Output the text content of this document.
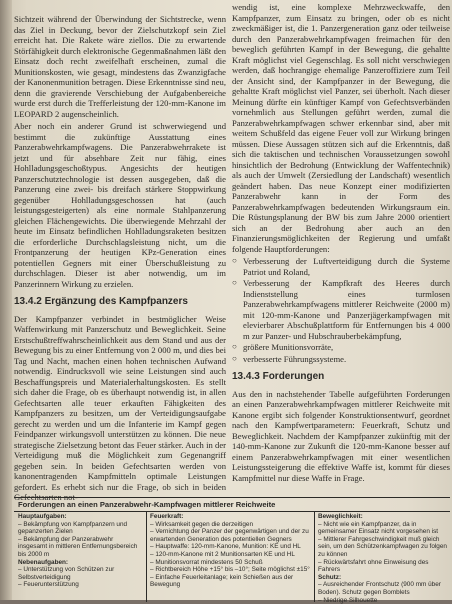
Sichtzeit während der Überwindung der Sichtstrecke, wenn das Ziel in Deckung, bevor der Zielschutzkopf sein Ziel erreicht hat. Die Rakete wäre ziellos. Die zu erwartende Störfähigkeit durch elektronische Gegenmaßnahmen läßt den Einsatz doch recht zweifelhaft erscheinen, zumal die Munitionskosten, wie gesagt, mindestens das Zwanzigfache der Kanonenmunition betragen. Diese Erkenntnisse sind neu, denn die gravierende Verschiebung der Aufgabenbereiche wurde erst durch die Trefferleistung der 120-mm-Kanone im LEOPARD 2 augenscheinlich.

Aber noch ein anderer Grund ist schwerwiegend und bestimmt die zukünftige Ausstattung eines Panzerabwehrkampfwagens. Die Panzerabwehrrakete ist jetzt und für absehbare Zeit nur fähig, eines Hohlladungsgeschoßtypus. Angesichts der heutigen Panzerschutztechnologie ist dessen ausgegeben, daß die Panzerung eine zwei- bis dreifach stärkere Stoppwirkung gegenüber Hohlladungsgeschossen hat (auch leistungsgesteigerten) als eine normale Stahlpanzerung gleichen Flächengewichts. Die überwiegende Mehrzahl der heute im Einsatz befindlichen Hohlladungsraketen besitzen die erforderliche Durchschlagsleistung nicht, um die Frontpanzerung der heutigen KPz-Generation eines potentiellen Gegners mit einer Überschußleistung zu durchschlagen. Dieser ist aber notwendig, um im Panzerinnern Wirkung zu erzielen.

13.4.2 Ergänzung des Kampfpanzers

Der Kampfpanzer verbindet in bestmöglicher Weise Waffenwirkung mit Panzerschutz und Beweglichkeit. Seine Erstschußtreffwahrscheinlichkeit aus dem Stand und aus der Bewegung bis zu einer Entfernung von 2 000 m, und dies bei Tag und Nacht, machen einen hohen technischen Aufwand notwendig. Eindrucksvoll wie seine Leistungen sind auch Beschaffungspreis und Materialerhaltungskosten. Es stellt sich daher die Frage, ob es überhaupt notwendig ist, in allen Gefechtsarten alle teuer erkauften Fähigkeiten des Kampfpanzers zu besitzen, um der Verteidigungsaufgabe gerecht zu werden und um die Infanterie im Kampf gegen Feindpanzer wirkungsvoll unterstützen zu können. Die neue strategische Zielsetzung betont das Feuer stärker. Auch in der Verteidigung muß die Möglichkeit zum Gegenangriff gegeben sein. In beiden Gefechtsarten werden von kanonentragenden Kampfmitteln optimale Leistungen gefordert. Es erhebt sich nur die Frage, ob sich in beiden Gefechtsarten not-

wendig ist, eine komplexe Mehrzweckwaffe, den Kampfpanzer, zum Einsatz zu bringen, oder ob es nicht zweckmäßiger ist, die 1. Panzergeneration ganz oder teilweise durch den Panzerabwehrkampfwagen freimachen für den beweglich geführten Kampf in der Bewegung, die gehaltte Kraft möglichst viel Gegenschlag. Es soll nicht verschwiegen werden, daß hochrangige ehemalige Panzeroffiziere zum Teil der Ansicht sind, der Kampfpanzer in der Bewegung, die gehaltte Kraft möglichst viel Panzer, sei überholt. Nach dieser Meinung dürfte ein künftiger Kampf von Gefechtsverbänden vornehmlich aus Stellungen geführt werden, zumal die Panzerabwehrkampfwagen schwer erkennbar sind, aber mit weitem Schußfeld das eigene Feuer voll zur Wirkung bringen müssen. Diese Aussagen stützen sich auf die Erkenntnis, daß sich die taktischen und technischen Voraussetzungen sowohl hinsichtlich der Bedrohung (Entwicklung der Waffentechnik) als auch der Umwelt (Zersiedlung der Landschaft) wesentlich geändert haben. Das neue Konzept einer modifizierten Panzerabwehr kann in der Form des Panzerabwehrkampfwagen bedeutenden Wirkungsraum ein. Die Rüstungsplanung der BW bis zum Jahre 2000 orientiert sich an der Bedrohung aber auch an den Finanzierungsmöglichkeiten der Regierung und umfaßt folgende Hauptforderungen:

○ Verbesserung der Luftverteidigung durch die Systeme Patriot und Roland,
○ Verbesserung der Kampfkraft des Heeres durch Indienststellung eines turmlosen Panzerabwehrkampfwagens mittlerer Reichweite (2000 m) mit 120-mm-Kanone und Panzerjägerkampfwagen mit elevierbarer Abschußplattform für Entfernungen bis 4 000 m zur Panzer- und Hubschrauberbekämpfung,
○ größere Munitionsvorräte,
○ verbesserte Führungssysteme.
13.4.3 Forderungen

Aus den in nachstehender Tabelle aufgeführten Forderungen an einen Panzerabwehrkampfwagen mittlerer Reichweite mit Kanone ergibt sich folgender Konstruktionsentwurf, geordnet nach den Kampfwertparametern: Feuerkraft, Schutz und Beweglichkeit. Nachdem der Kampfpanzer zukünftig mit der 140-mm-Kanone zur Zukunft die 120-mm-Kanone besser auf einem Panzerabwehrkampfwagen mit einer wesentlichen Leistungssteigerung die effektive Waffe ist, kommt für dieses Kampfmittel nur diese Waffe in Frage.

Forderungen an einen Panzerabwehr-Kampfwagen mittlerer Reichweite
Hauptaufgaben:
– Bekämpfung von Kampfpanzern und gepanzerten Zielen
– Bekämpfung der Panzerabwehr insgesamt in mittleren Entfernungsbereich bis 2000 m
Nebenaufgaben:
– Unterstützung von Schützen zur Selbstverteidigung
– Feuerunterstützung
Feuerkraft:
– Wirksamkeit gegen die derzeitigen
– Vernichtung der Panzer der gegenwärtigen und der zu erwartenden Generation des potentiellen Gegners
– Hauptwaffe: 120-mm-Kanone, Munition: KE und HL
– 120-mm-Kanone mit 2 Munitionsarten KE und HL
– Munitionsvorrat mindestens 50 Schuß
– Richtbereich Höhe +15° bis –10°; Seite möglichst ±15°
– Einfache Feuerleitanlage; kein Schießen aus der Bewegung
Beweglichkeit:
– Nicht wie ein Kampfpanzer, da in gemeinsamer Einsatz nicht vorgesehen ist
– Mittlerer Fahrgeschwindigkeit muß gleich sein, um den Schützenkampfwagen zu folgen zu können
– Rückwärtsfahrt ohne Einweisung des Fahrers
Schutz:
– Ausreichender Frontschutz (900 mm über Boden). Schutz gegen Bomblets
– Niedrige Silhouette
